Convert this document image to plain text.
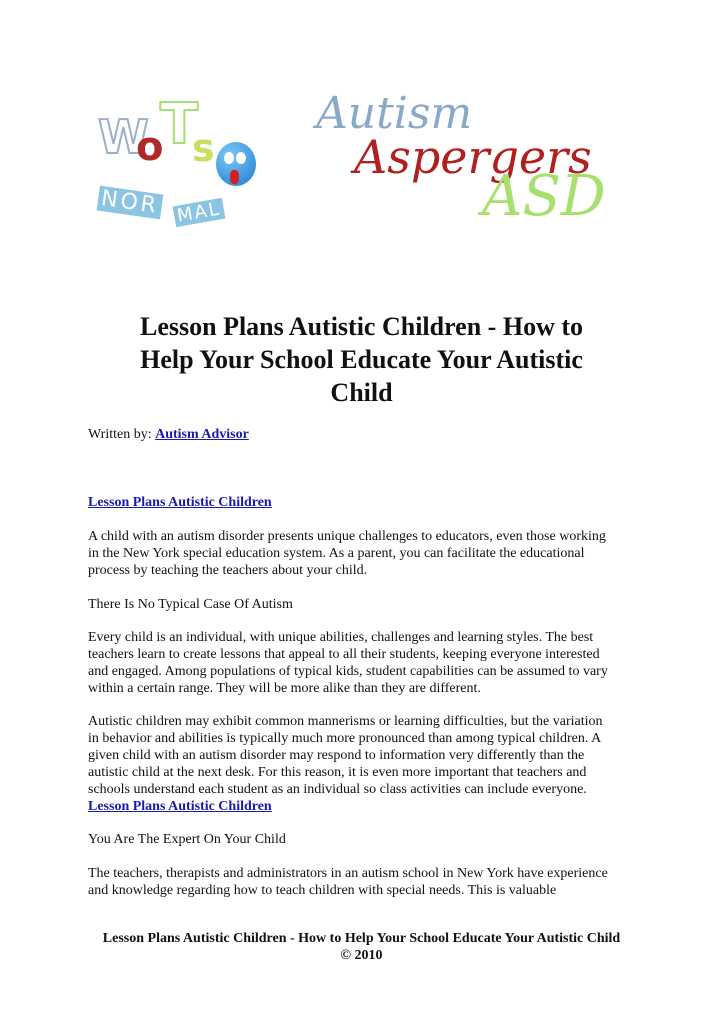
W
o
T
s
NOR MAL
Autism
Aspergers
ASD
Lesson Plans Autistic Children - How to
Help Your School Educate Your Autistic
Child
Written by: Autism Advisor
Lesson Plans Autistic Children
A child with an autism disorder presents unique challenges to educators, even those working
in the New York special education system. As a parent, you can facilitate the educational
process by teaching the teachers about your child.
There Is No Typical Case Of Autism
Every child is an individual, with unique abilities, challenges and learning styles. The best
teachers learn to create lessons that appeal to all their students, keeping everyone interested
and engaged. Among populations of typical kids, student capabilities can be assumed to vary
within a certain range. They will be more alike than they are different.
Autistic children may exhibit common mannerisms or learning difficulties, but the variation
in behavior and abilities is typically much more pronounced than among typical children. A
given child with an autism disorder may respond to information very differently than the
autistic child at the next desk. For this reason, it is even more important that teachers and
schools understand each student as an individual so class activities can include everyone.
Lesson Plans Autistic Children
You Are The Expert On Your Child
The teachers, therapists and administrators in an autism school in New York have experience
and knowledge regarding how to teach children with special needs. This is valuable
Lesson Plans Autistic Children - How to Help Your School Educate Your Autistic Child
© 2010
